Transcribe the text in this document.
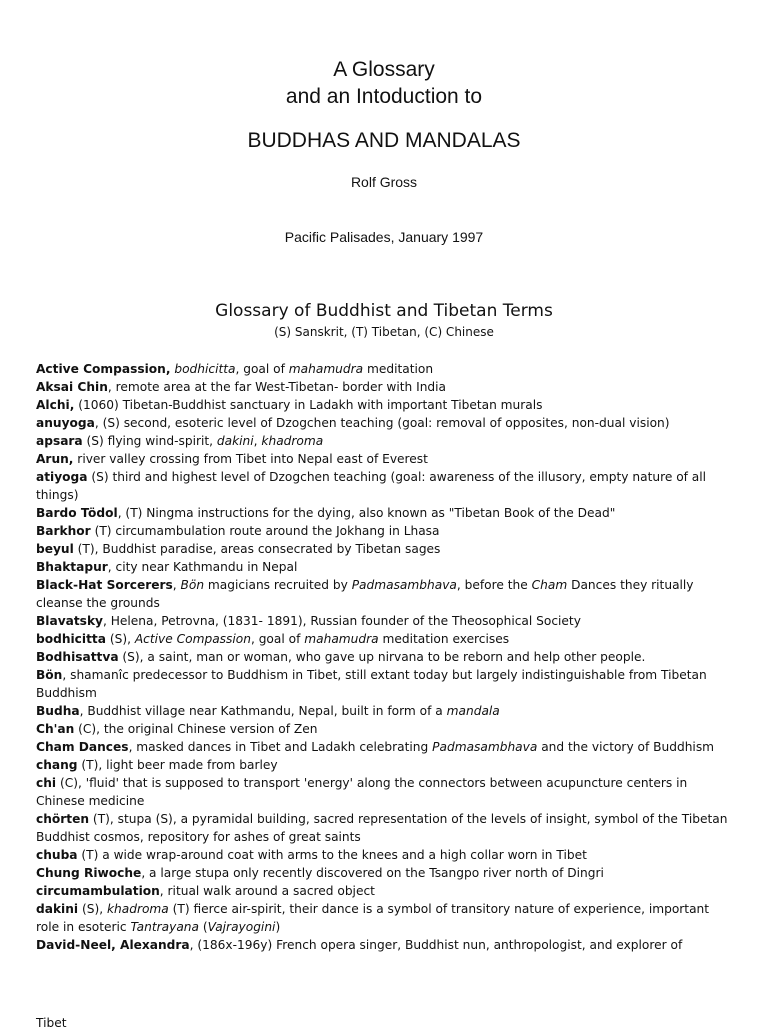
A Glossary
and an Intoduction to
BUDDHAS AND MANDALAS
Rolf Gross
Pacific Palisades, January 1997
Glossary of Buddhist and Tibetan Terms
(S) Sanskrit, (T) Tibetan, (C) Chinese
Active Compassion, bodhicitta, goal of mahamudra meditation
Aksai Chin, remote area at the far West-Tibetan- border with India
Alchi, (1060) Tibetan-Buddhist sanctuary in Ladakh with important Tibetan murals
anuyoga, (S) second, esoteric level of Dzogchen teaching (goal: removal of opposites, non-dual vision)
apsara (S) flying wind-spirit, dakini, khadroma
Arun, river valley crossing from Tibet into Nepal east of Everest
atiyoga (S) third and highest level of Dzogchen teaching (goal: awareness of the illusory, empty nature of all things)
Bardo Tödol, (T) Ningma instructions for the dying, also known as "Tibetan Book of the Dead"
Barkhor (T) circumambulation route around the Jokhang in Lhasa
beyul (T), Buddhist paradise, areas consecrated by Tibetan sages
Bhaktapur, city near Kathmandu in Nepal
Black-Hat Sorcerers, Bön magicians recruited by Padmasambhava, before the Cham Dances they ritually cleanse the grounds
Blavatsky, Helena, Petrovna, (1831- 1891), Russian founder of the Theosophical Society
bodhicitta (S), Active Compassion, goal of mahamudra meditation exercises
Bodhisattva (S), a saint, man or woman, who gave up nirvana to be reborn and help other people.
Bön, shamanîc predecessor to Buddhism in Tibet, still extant today but largely indistinguishable from Tibetan Buddhism
Budha, Buddhist village near Kathmandu, Nepal, built in form of a mandala
Ch'an (C), the original Chinese version of Zen
Cham Dances, masked dances in Tibet and Ladakh celebrating Padmasambhava and the victory of Buddhism
chang (T), light beer made from barley
chi (C), 'fluid' that is supposed to transport 'energy' along the connectors between acupuncture centers in Chinese medicine
chörten (T), stupa (S), a pyramidal building, sacred representation of the levels of insight, symbol of the Tibetan Buddhist cosmos, repository for ashes of great saints
chuba (T) a wide wrap-around coat with arms to the knees and a high collar worn in Tibet
Chung Riwoche, a large stupa only recently discovered on the Tsangpo river north of Dingri
circumambulation, ritual walk around a sacred object
dakini (S), khadroma (T) fierce air-spirit, their dance is a symbol of transitory nature of experience, important role in esoteric Tantrayana (Vajrayogini)
David-Neel, Alexandra, (186x-196y) French opera singer, Buddhist nun, anthropologist, and explorer of
Tibet
